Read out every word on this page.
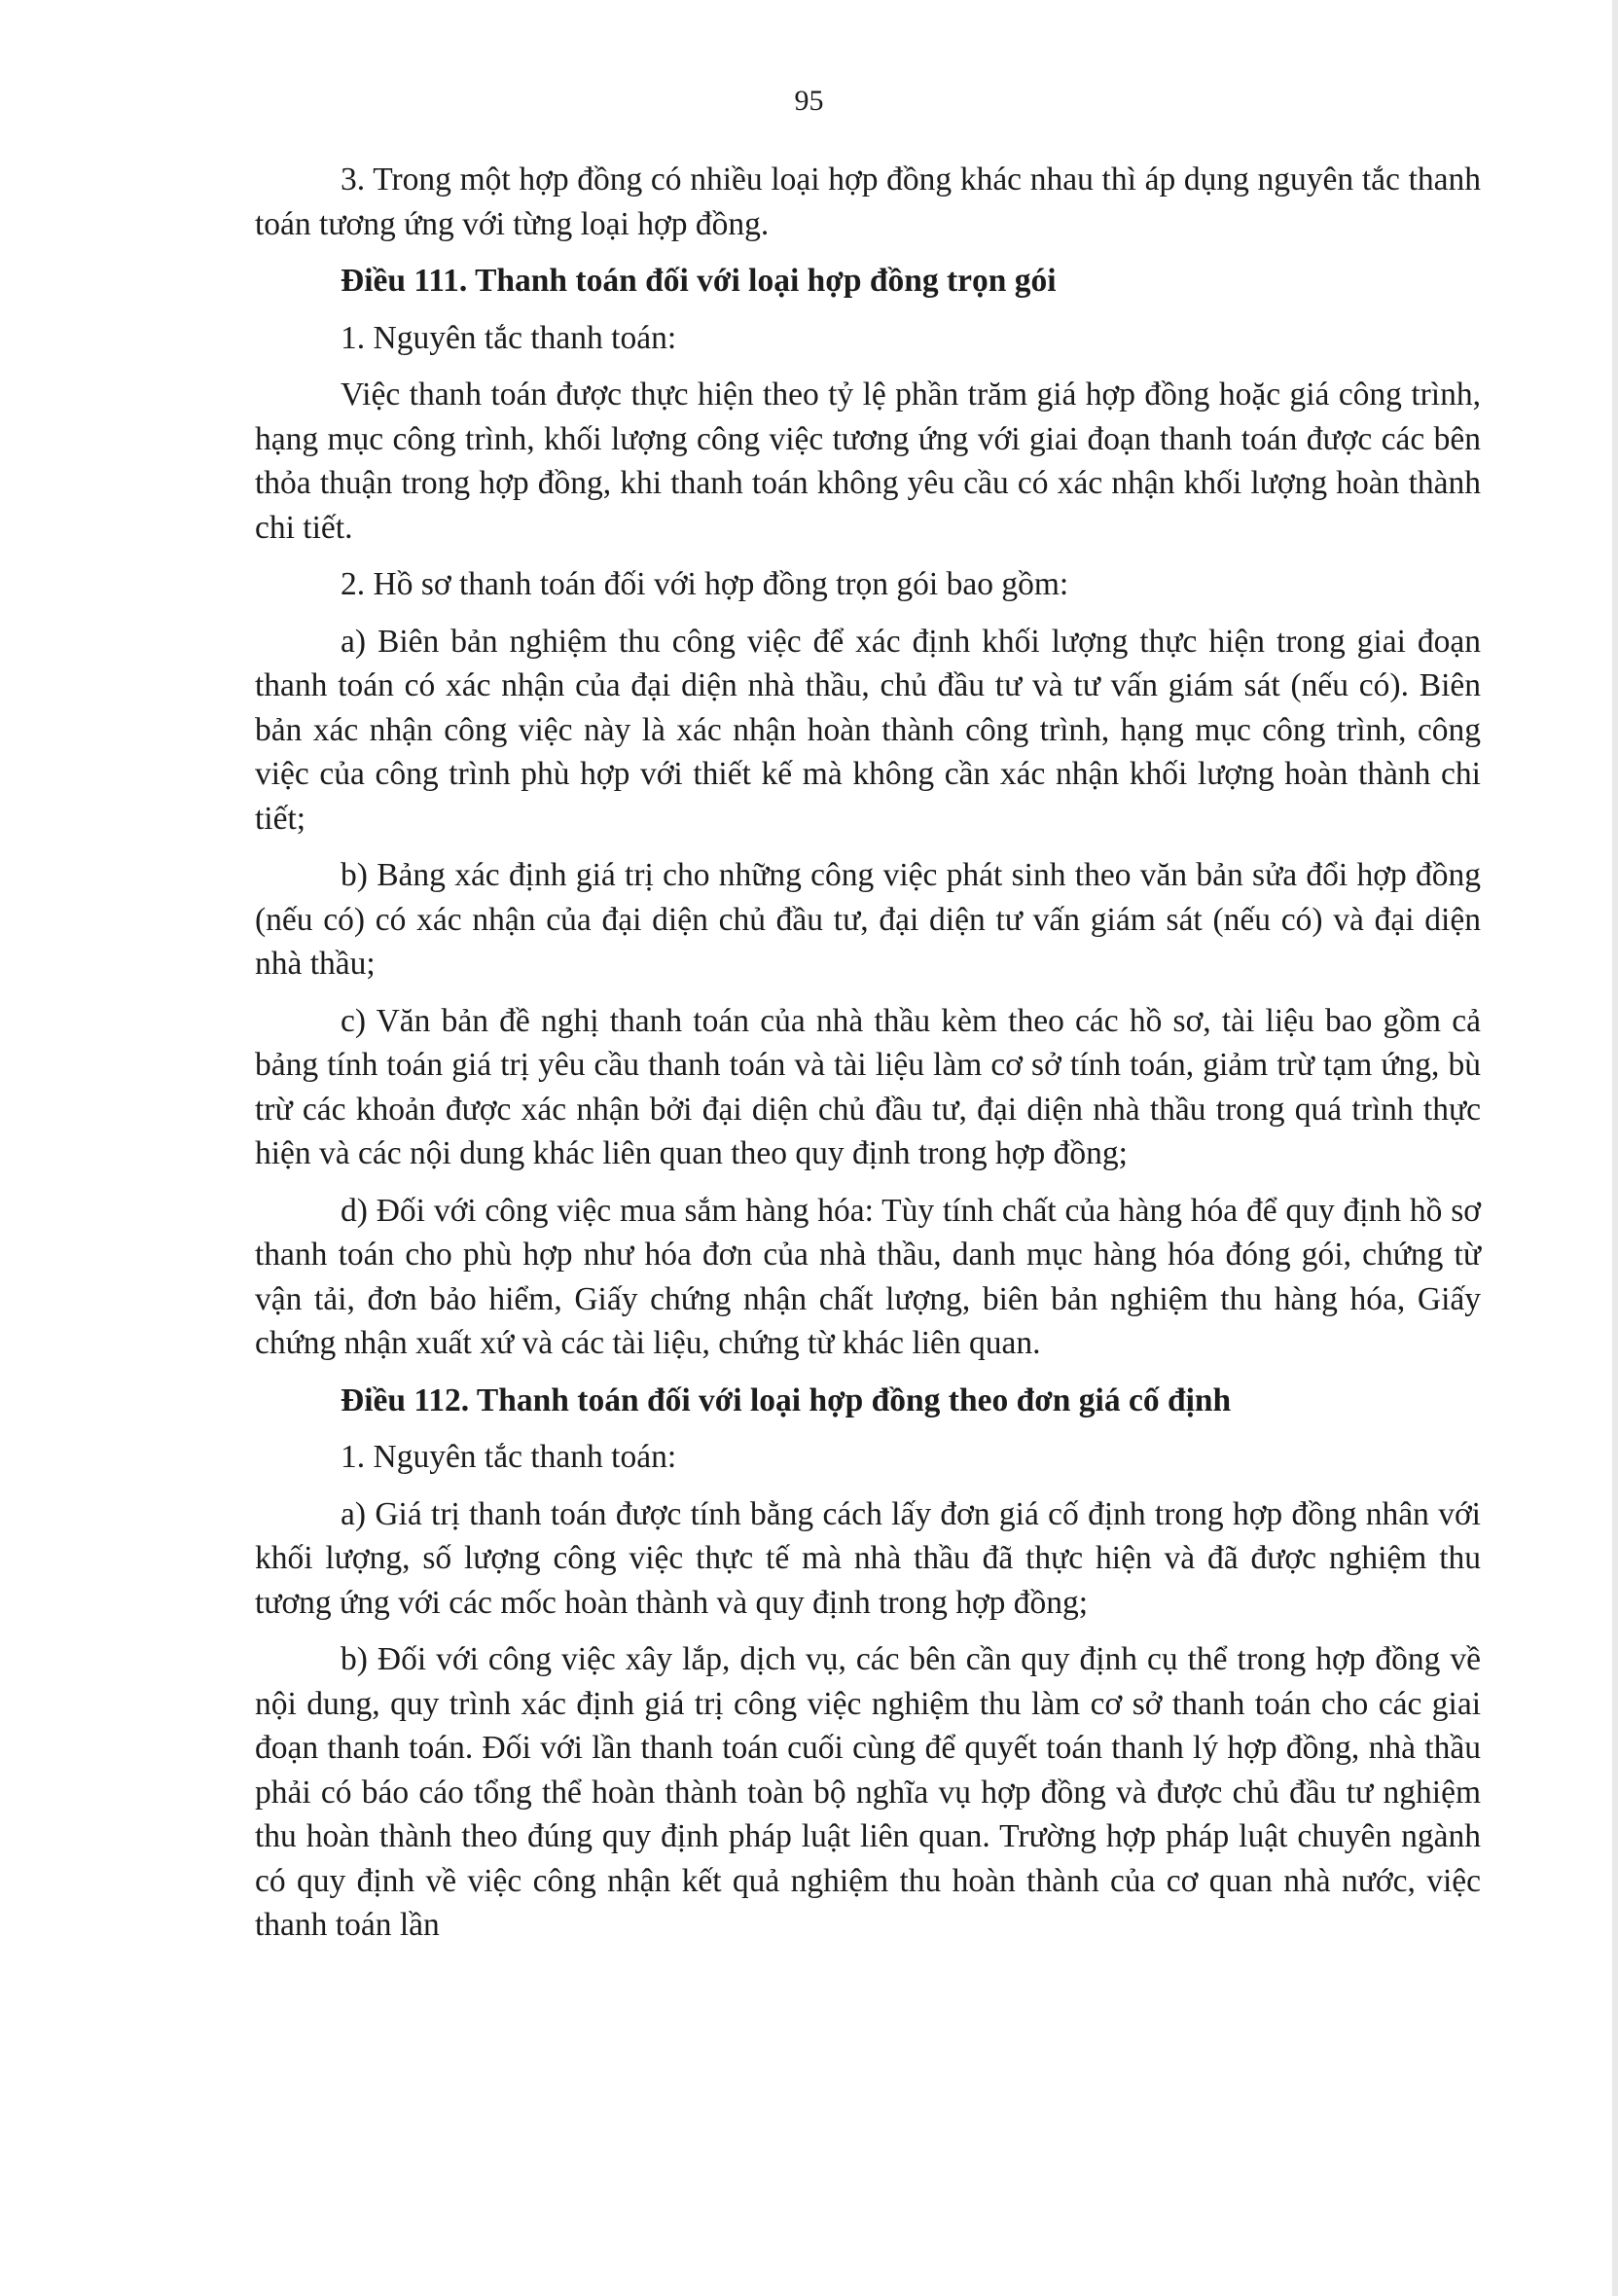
95

3. Trong một hợp đồng có nhiều loại hợp đồng khác nhau thì áp dụng nguyên tắc thanh toán tương ứng với từng loại hợp đồng.

Điều 111. Thanh toán đối với loại hợp đồng trọn gói

1. Nguyên tắc thanh toán:

Việc thanh toán được thực hiện theo tỷ lệ phần trăm giá hợp đồng hoặc giá công trình, hạng mục công trình, khối lượng công việc tương ứng với giai đoạn thanh toán được các bên thỏa thuận trong hợp đồng, khi thanh toán không yêu cầu có xác nhận khối lượng hoàn thành chi tiết.

2. Hồ sơ thanh toán đối với hợp đồng trọn gói bao gồm:

a) Biên bản nghiệm thu công việc để xác định khối lượng thực hiện trong giai đoạn thanh toán có xác nhận của đại diện nhà thầu, chủ đầu tư và tư vấn giám sát (nếu có). Biên bản xác nhận công việc này là xác nhận hoàn thành công trình, hạng mục công trình, công việc của công trình phù hợp với thiết kế mà không cần xác nhận khối lượng hoàn thành chi tiết;

b) Bảng xác định giá trị cho những công việc phát sinh theo văn bản sửa đổi hợp đồng (nếu có) có xác nhận của đại diện chủ đầu tư, đại diện tư vấn giám sát (nếu có) và đại diện nhà thầu;

c) Văn bản đề nghị thanh toán của nhà thầu kèm theo các hồ sơ, tài liệu bao gồm cả bảng tính toán giá trị yêu cầu thanh toán và tài liệu làm cơ sở tính toán, giảm trừ tạm ứng, bù trừ các khoản được xác nhận bởi đại diện chủ đầu tư, đại diện nhà thầu trong quá trình thực hiện và các nội dung khác liên quan theo quy định trong hợp đồng;

d) Đối với công việc mua sắm hàng hóa: Tùy tính chất của hàng hóa để quy định hồ sơ thanh toán cho phù hợp như hóa đơn của nhà thầu, danh mục hàng hóa đóng gói, chứng từ vận tải, đơn bảo hiểm, Giấy chứng nhận chất lượng, biên bản nghiệm thu hàng hóa, Giấy chứng nhận xuất xứ và các tài liệu, chứng từ khác liên quan.

Điều 112. Thanh toán đối với loại hợp đồng theo đơn giá cố định

1. Nguyên tắc thanh toán:

a) Giá trị thanh toán được tính bằng cách lấy đơn giá cố định trong hợp đồng nhân với khối lượng, số lượng công việc thực tế mà nhà thầu đã thực hiện và đã được nghiệm thu tương ứng với các mốc hoàn thành và quy định trong hợp đồng;

b) Đối với công việc xây lắp, dịch vụ, các bên cần quy định cụ thể trong hợp đồng về nội dung, quy trình xác định giá trị công việc nghiệm thu làm cơ sở thanh toán cho các giai đoạn thanh toán. Đối với lần thanh toán cuối cùng để quyết toán thanh lý hợp đồng, nhà thầu phải có báo cáo tổng thể hoàn thành toàn bộ nghĩa vụ hợp đồng và được chủ đầu tư nghiệm thu hoàn thành theo đúng quy định pháp luật liên quan. Trường hợp pháp luật chuyên ngành có quy định về việc công nhận kết quả nghiệm thu hoàn thành của cơ quan nhà nước, việc thanh toán lần
